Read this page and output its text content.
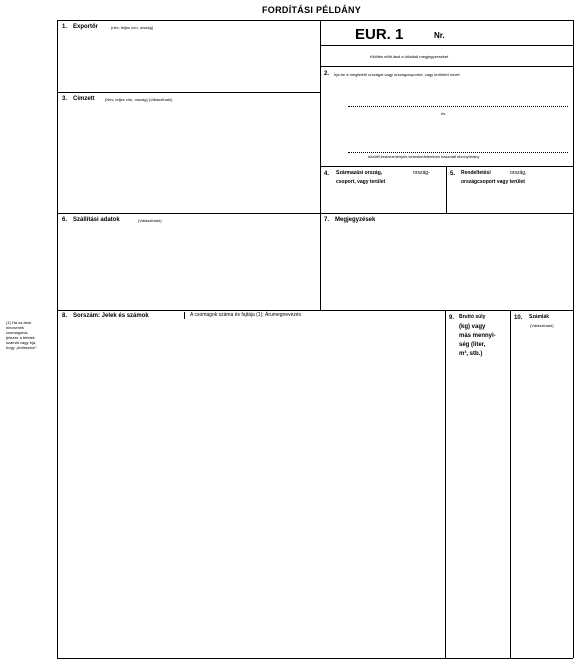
FORDÍTÁSI PÉLDÁNY
(1) Ha az áruk nincsenek csomagolva, jelezze a tételek számát vagy írja, hogy „ömlesztve”.
1. Exportőr	(név, teljes cím, ország)	EUR. 1	Nr.
Kitöltés előtt lásd a túloldali megjegyzéseket
2. Írja be a megfelelő országot vagy országcsoportot, vagy területet nevét
és
közötti kedvezményes kereskedelemben használt bizonyítvány
3. Címzett	(Név, teljes cím, ország) (Választható)
4. Származási ország,	ország-
csoport, vagy terület
5. Rendeltetési	ország,
országcsoport vagy terület
6. Szállítási adatok	(Választható)	7. Megjegyzések
8. Sorszám: Jelek és számok	A csomagok száma és fajtája (1); Árumegnevezés	9. Bruttó súly
(kg) vagy
más mennyi-
ség (liter,
m³, stb.)
10. Számlák
(Választható)
